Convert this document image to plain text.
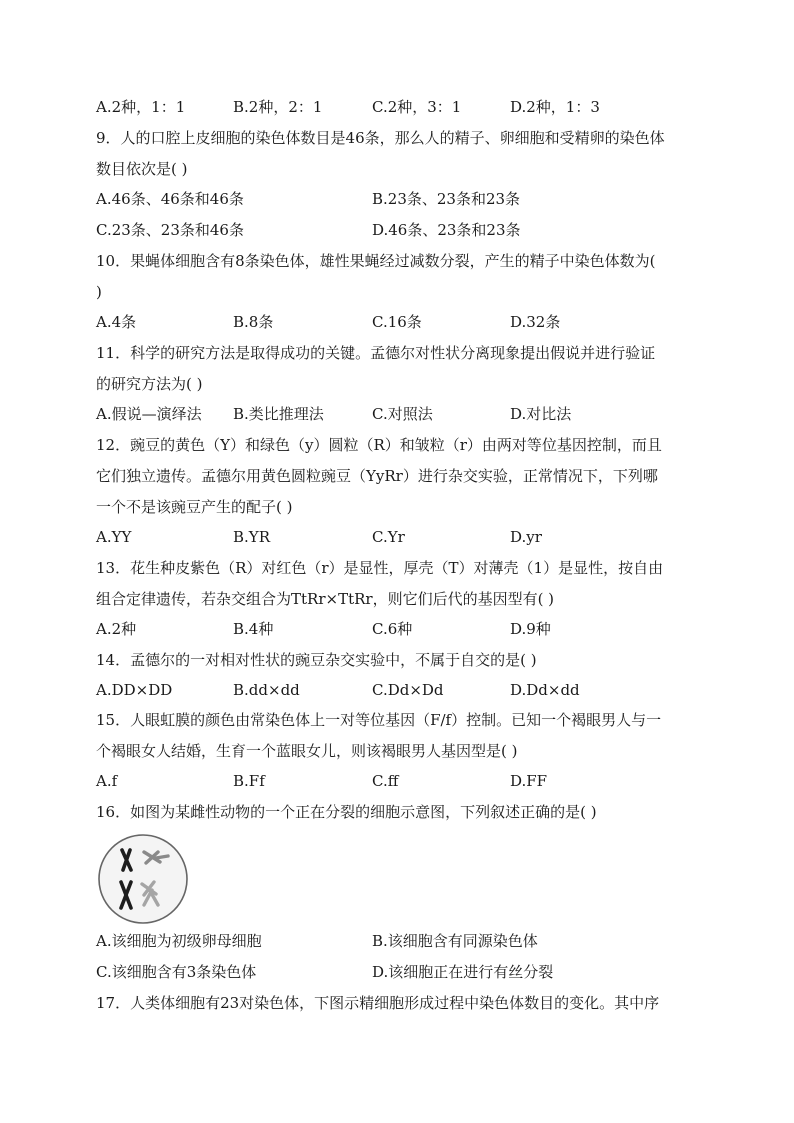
A.2种，1：1	B.2种，2：1	C.2种，3：1	D.2种，1：3
9．人的口腔上皮细胞的染色体数目是46条，那么人的精子、卵细胞和受精卵的染色体
数目依次是( )
A.46条、46条和46条	B.23条、23条和23条
C.23条、23条和46条	D.46条、23条和23条
10．果蝇体细胞含有8条染色体，雄性果蝇经过减数分裂，产生的精子中染色体数为(
)
A.4条	B.8条	C.16条	D.32条
11．科学的研究方法是取得成功的关键。孟德尔对性状分离现象提出假说并进行验证
的研究方法为( )
A.假说—演绎法 B.类比推理法	C.对照法	D.对比法
12．豌豆的黄色（Y）和绿色（y）圆粒（R）和皱粒（r）由两对等位基因控制，而且
它们独立遗传。孟德尔用黄色圆粒豌豆（YyRr）进行杂交实验，正常情况下，下列哪
一个不是该豌豆产生的配子( )
A.YY	B.YR	C.Yr	D.yr
13．花生种皮紫色（R）对红色（r）是显性，厚壳（T）对薄壳（1）是显性，按自由
组合定律遗传，若杂交组合为TtRr×TtRr，则它们后代的基因型有( )
A.2种	B.4种	C.6种	D.9种
14．孟德尔的一对相对性状的豌豆杂交实验中，不属于自交的是( )
A.DD×DD	B.dd×dd	C.Dd×Dd	D.Dd×dd
15．人眼虹膜的颜色由常染色体上一对等位基因（F/f）控制。已知一个褐眼男人与一
个褐眼女人结婚，生育一个蓝眼女儿，则该褐眼男人基因型是( )
A.f	B.Ff	C.ff	D.FF
16．如图为某雌性动物的一个正在分裂的细胞示意图，下列叙述正确的是( )
A.该细胞为初级卵母细胞	B.该细胞含有同源染色体
C.该细胞含有3条染色体	D.该细胞正在进行有丝分裂
17．人类体细胞有23对染色体，下图示精细胞形成过程中染色体数目的变化。其中序
